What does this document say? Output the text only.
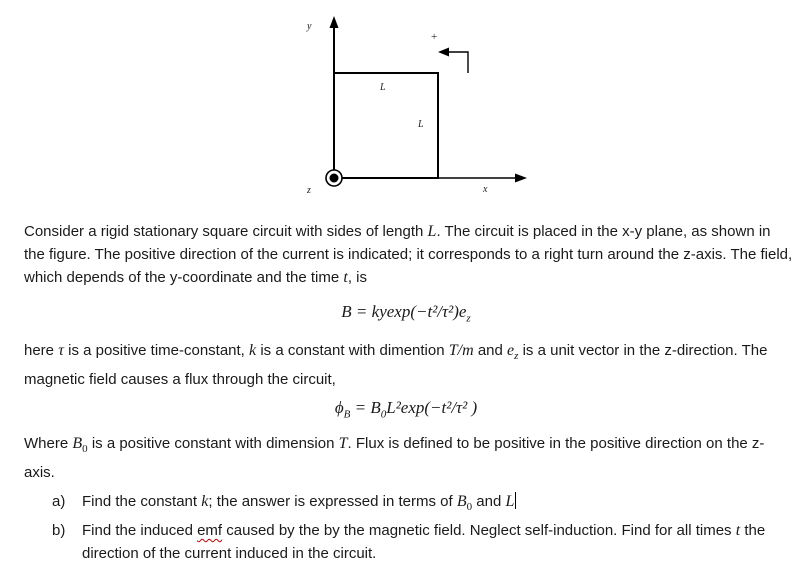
y
x
z
L
L
+

Consider a rigid stationary square circuit with sides of length L. The circuit is placed in the x-y plane, as shown in the figure. The positive direction of the current is indicated; it corresponds to a right turn around the z-axis. The field, which depends of the y-coordinate and the time t, is

$B = kyexp(-t^2/\tau^2)e_z$

here τ is a positive time-constant, k is a constant with dimention T/m and $e_z$ is a unit vector in the z-direction. The magnetic field causes a flux through the circuit,

$\phi_B = B_0L^2\exp(-t^2/\tau^2$ )

Where $B_0$ is a positive constant with dimension T. Flux is defined to be positive in the positive direction on the z-axis.

a) Find the constant k; the answer is expressed in terms of $B_0$ and L
b) Find the induced emf caused by the by the magnetic field. Neglect self-induction. Find for all times t the direction of the current induced in the circuit.
